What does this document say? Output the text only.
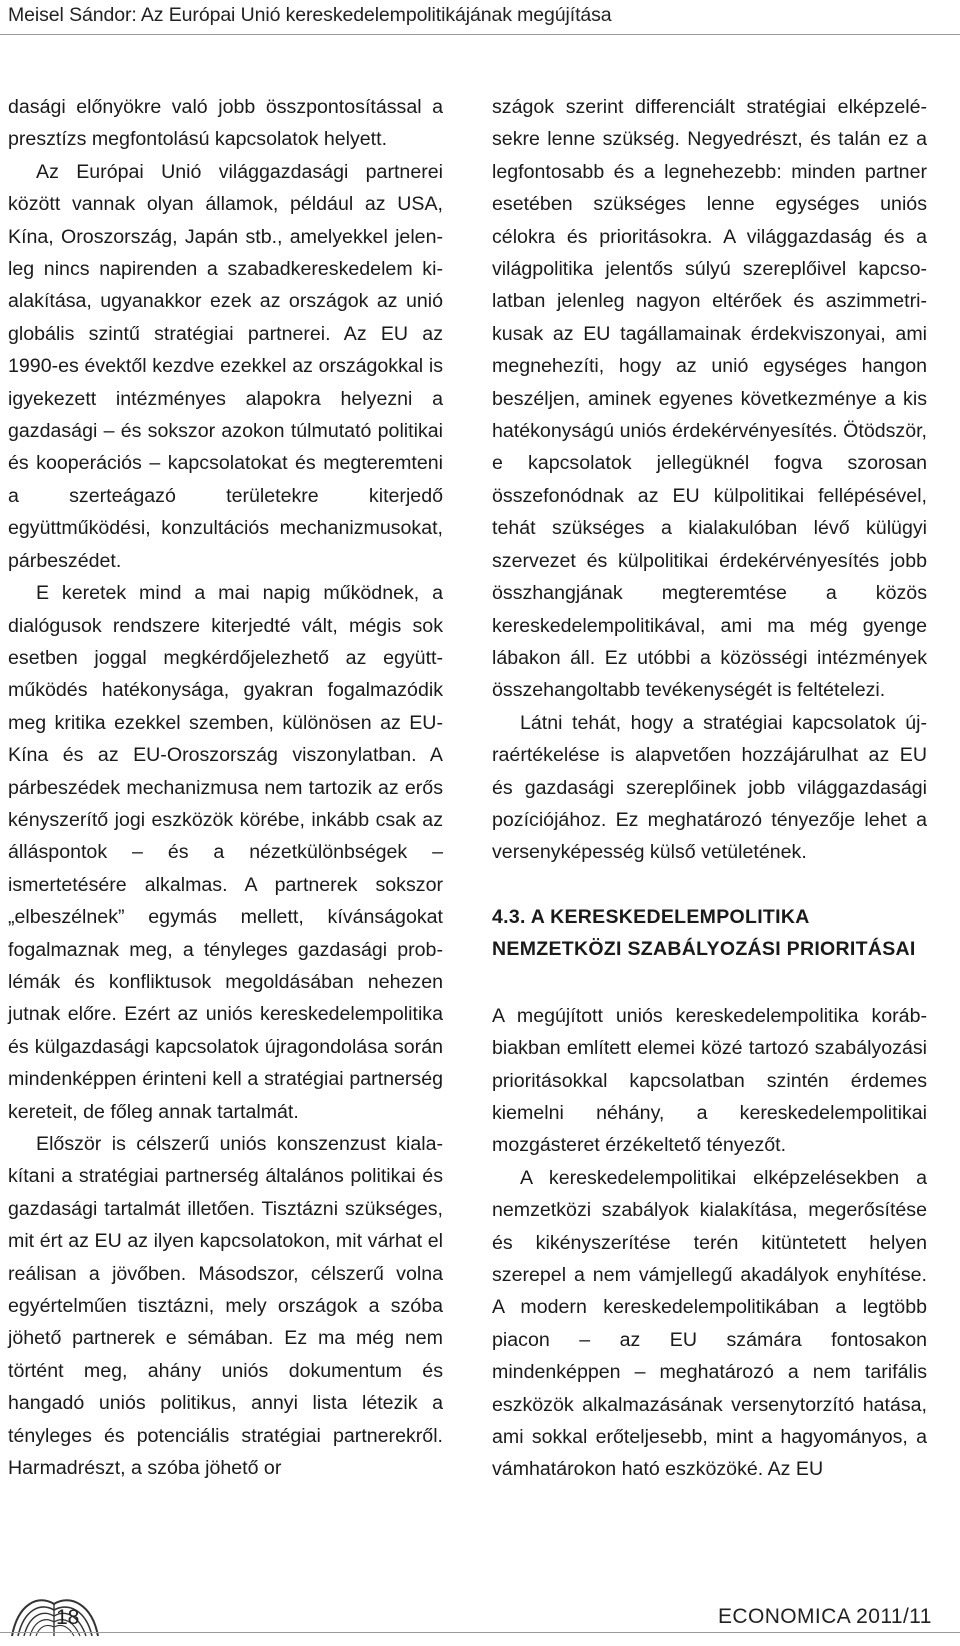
Meisel Sándor: Az Európai Unió kereskedelempolitikájának megújítása

dasági előnyökre való jobb összpontosítással a presztízs megfontolású kapcsolatok helyett.

Az Európai Unió világgazdasági partnerei között vannak olyan államok, például az USA, Kína, Oroszország, Japán stb., amelyekkel jelenleg nincs napirenden a szabadkereskedelem kialakítása, ugyanakkor ezek az országok az unió globális szintű stratégiai partnerei. Az EU az 1990-es évektől kezdve ezekkel az országokkal is igyekezett intézményes alapokra helyezni a gazdasági – és sokszor azokon túlmutató politikai és kooperációs – kapcsolatokat és megteremteni a szerteágazó területekre kiterjedő együttműködési, konzultációs mechanizmusokat, párbeszédet.

E keretek mind a mai napig működnek, a dialógusok rendszere kiterjedté vált, mégis sok esetben joggal megkérdőjelezhető az együttműködés hatékonysága, gyakran fogalmazódik meg kritika ezekkel szemben, különösen az EU-Kína és az EU-Oroszország viszonylatban. A párbeszédek mechanizmusa nem tartozik az erős kényszerítő jogi eszközök körébe, inkább csak az álláspontok – és a nézetkülönbségek – ismertetésére alkalmas. A partnerek sokszor „elbeszélnek” egymás mellett, kívánságokat fogalmaznak meg, a tényleges gazdasági problémák és konfliktusok megoldásában nehezen jutnak előre. Ezért az uniós kereskedelempolitika és külgazdasági kapcsolatok újragondolása során mindenképpen érinteni kell a stratégiai partnerség kereteit, de főleg annak tartalmát.

Először is célszerű uniós konszenzust kialakítani a stratégiai partnerség általános politikai és gazdasági tartalmát illetően. Tisztázni szükséges, mit ért az EU az ilyen kapcsolatokon, mit várhat el reálisan a jövőben. Másodszor, célszerű volna egyértelműen tisztázni, mely országok a szóba jöhető partnerek e sémában. Ez ma még nem történt meg, ahány uniós dokumentum és hangadó uniós politikus, annyi lista létezik a tényleges és potenciális stratégiai partnerekről. Harmadrészt, a szóba jöhető or

szágok szerint differenciált stratégiai elképzelésekre lenne szükség. Negyedrészt, és talán ez a legfontosabb és a legnehezebb: minden partner esetében szükséges lenne egységes uniós célokra és prioritásokra. A világgazdaság és a világpolitika jelentős súlyú szereplőivel kapcsolatban jelenleg nagyon eltérőek és aszimmetrikusak az EU tagállamainak érdekviszonyai, ami megnehezíti, hogy az unió egységes hangon beszéljen, aminek egyenes következménye a kis hatékonyságú uniós érdekérvényesítés. Ötödször, e kapcsolatok jellegüknél fogva szorosan összefonódnak az EU külpolitikai fellépésével, tehát szükséges a kialakulóban lévő külügyi szervezet és külpolitikai érdekérvényesítés jobb összhangjának megteremtése a közös kereskedelempolitikával, ami ma még gyenge lábakon áll. Ez utóbbi a közösségi intézmények összehangoltabb tevékenységét is feltételezi.

Látni tehát, hogy a stratégiai kapcsolatok újraértékelése is alapvetően hozzájárulhat az EU és gazdasági szereplőinek jobb világgazdasági pozíciójához. Ez meghatározó tényezője lehet a versenyképesség külső vetületének.

4.3. A KERESKEDELEMPOLITIKA
NEMZETKÖZI SZABÁLYOZÁSI PRIORITÁSAI

A megújított uniós kereskedelempolitika korábbiakban említett elemei közé tartozó szabályozási prioritásokkal kapcsolatban szintén érdemes kiemelni néhány, a kereskedelempolitikai mozgásteret érzékeltető tényezőt.

A kereskedelempolitikai elképzelésekben a nemzetközi szabályok kialakítása, megerősítése és kikényszerítése terén kitüntetett helyen szerepel a nem vámjellegű akadályok enyhítése. A modern kereskedelempolitikában a legtöbb piacon – az EU számára fontosakon mindenképpen – meghatározó a nem tarifális eszközök alkalmazásának versenytorzító hatása, ami sokkal erőteljesebb, mint a hagyományos, a vámhatárokon ható eszközöké. Az EU

18	ECONOMICA 2011/11
